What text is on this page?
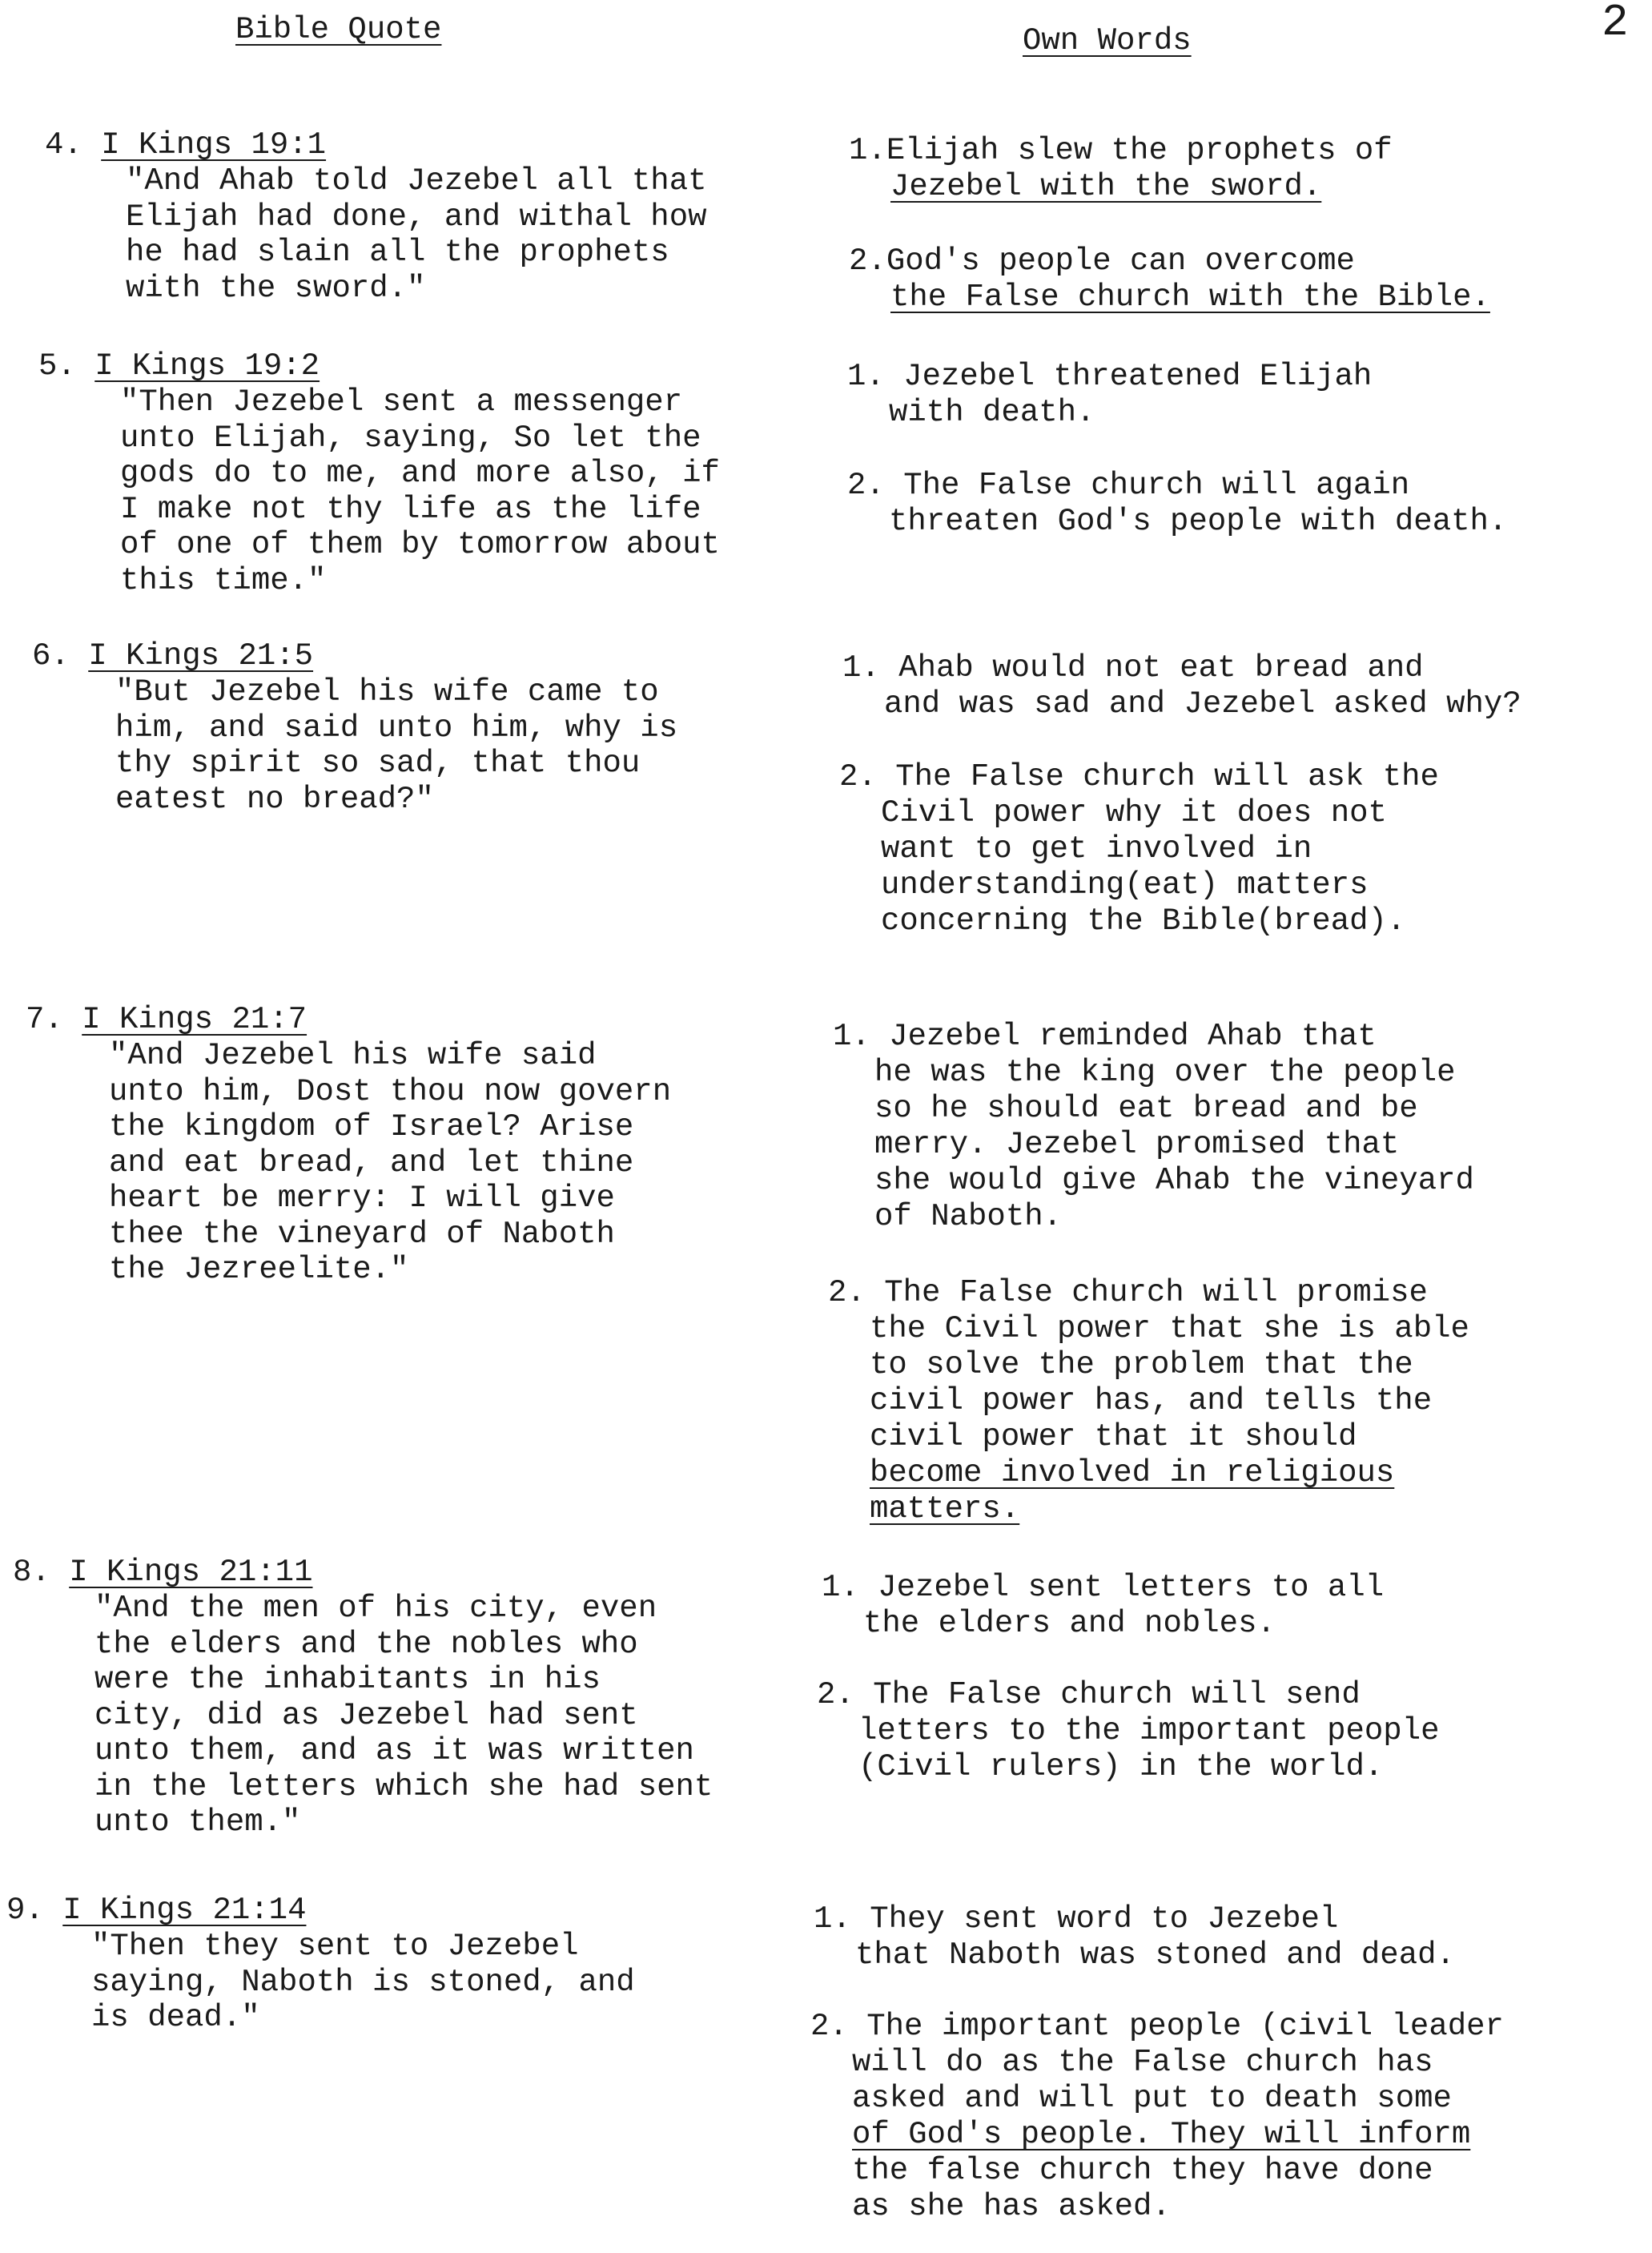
2
Bible Quote	Own Words
4. I Kings 19:1
"And Ahab told Jezebel all that
Elijah had done, and withal how
he had slain all the prophets
with the sword."
1.Elijah slew the prophets of
Jezebel with the sword.
2.God's people can overcome
the False church with the Bible.
5. I Kings 19:2
"Then Jezebel sent a messenger
unto Elijah, saying, So let the
gods do to me, and more also, if
I make not thy life as the life
of one of them by tomorrow about
this time."
1. Jezebel threatened Elijah
with death.
2. The False church will again
threaten God's people with death.
6. I Kings 21:5
"But Jezebel his wife came to
him, and said unto him, why is
thy spirit so sad, that thou
eatest no bread?"
1. Ahab would not eat bread and
and was sad and Jezebel asked why?
2. The False church will ask the
Civil power why it does not
want to get involved in
understanding(eat) matters
concerning the Bible(bread).
7. I Kings 21:7
"And Jezebel his wife said
unto him, Dost thou now govern
the kingdom of Israel? Arise
and eat bread, and let thine
heart be merry: I will give
thee the vineyard of Naboth
the Jezreelite."
1. Jezebel reminded Ahab that
he was the king over the people
so he should eat bread and be
merry. Jezebel promised that
she would give Ahab the vineyard
of Naboth.
2. The False church will promise
the Civil power that she is able
to solve the problem that the
civil power has, and tells the
civil power that it should
become involved in religious
matters.
8. I Kings 21:11
"And the men of his city, even
the elders and the nobles who
were the inhabitants in his
city, did as Jezebel had sent
unto them, and as it was written
in the letters which she had sent
unto them."
1. Jezebel sent letters to all
the elders and nobles.
2. The False church will send
letters to the important people
(Civil rulers) in the world.
9. I Kings 21:14
"Then they sent to Jezebel
saying, Naboth is stoned, and
is dead."
1. They sent word to Jezebel
that Naboth was stoned and dead.
2. The important people (civil leader
will do as the False church has
asked and will put to death some
of God's people. They will inform
the false church they have done
as she has asked.
